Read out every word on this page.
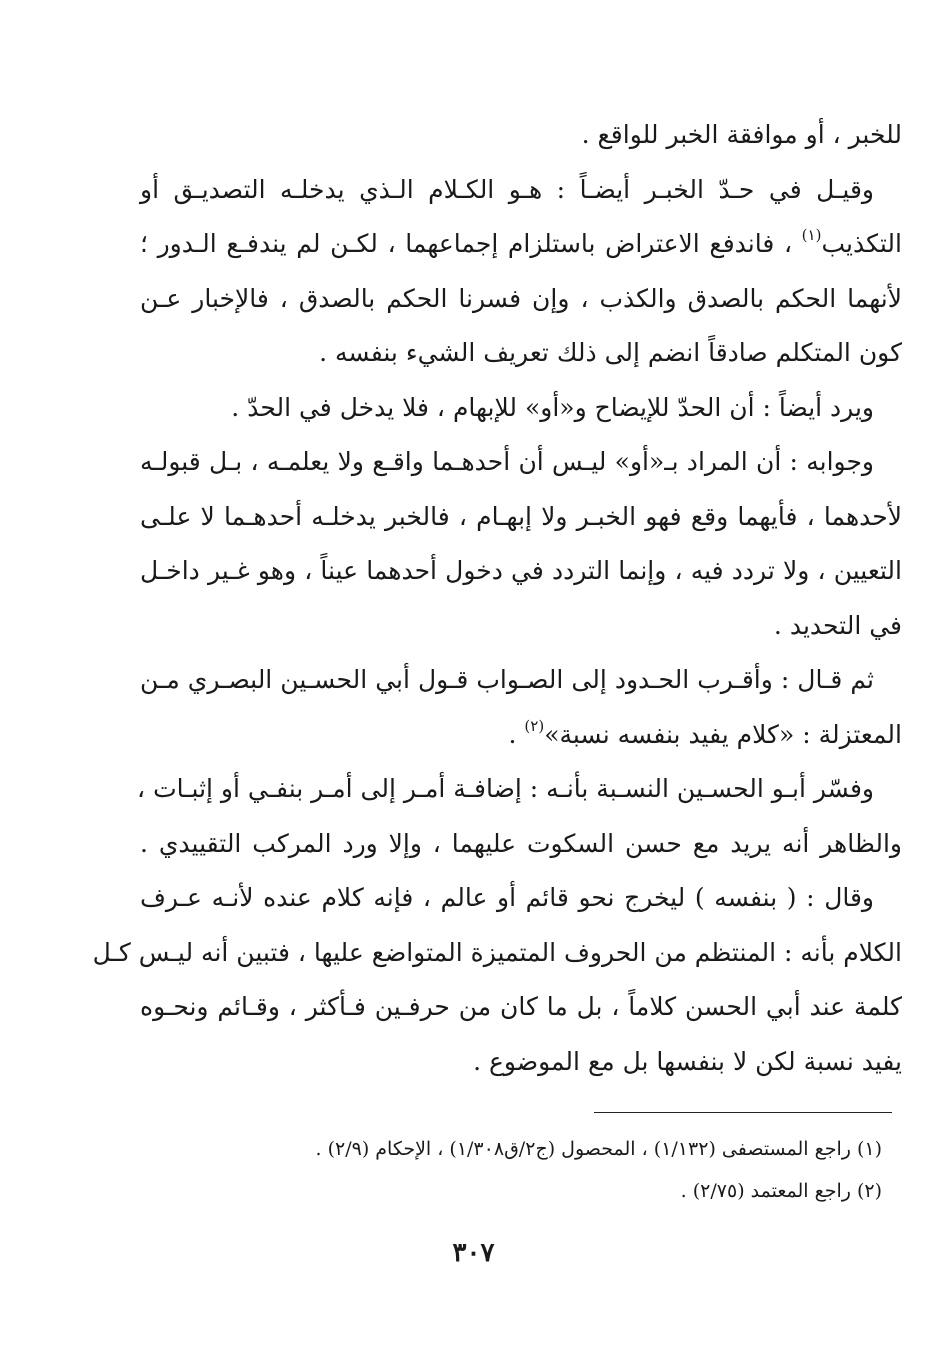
للخبر ، أو موافقة الخبر للواقع .
وقيـل في حـدّ الخبـر أيضـاً : هـو الكـلام الـذي يدخلـه التصديـق أو
التكذيب$^{(١)}$ ، فاندفع الاعتراض باستلزام إجماعهما ، لكـن لم يندفـع الـدور ؛
لأنهما الحكم بالصدق والكذب ، وإن فسرنا الحكم بالصدق ، فالإخبار عـن
كون المتكلم صادقاً انضم إلى ذلك تعريف الشيء بنفسه .
ويرد أيضاً : أن الحدّ للإيضاح و«أو» للإبهام ، فلا يدخل في الحدّ .
وجوابه : أن المراد بـ«أو» ليـس أن أحدهـما واقـع ولا يعلمـه ، بـل قبولـه
لأحدهما ، فأيهما وقع فهو الخبـر ولا إبهـام ، فالخبر يدخلـه أحدهـما لا علـى
التعيين ، ولا تردد فيه ، وإنما التردد في دخول أحدهما عيناً ، وهو غـير داخـل
في التحديد .
ثم قـال : وأقـرب الحـدود إلى الصـواب قـول أبي الحسـين البصـري مـن
المعتزلة : «كلام يفيد بنفسه نسبة»$^{(٢)}$ .
وفسّر أبـو الحسـين النسـبة بأنـه : إضافـة أمـر إلى أمـر بنفـي أو إثبـات ،
والظاهر أنه يريد مع حسن السكوت عليهما ، وإلا ورد المركب التقييدي .
وقال : ( بنفسه ) ليخرج نحو قائم أو عالم ، فإنه كلام عنده لأنـه عـرف
الكلام بأنه : المنتظم من الحروف المتميزة المتواضع عليها ، فتبين أنه ليـس كـل
كلمة عند أبي الحسن كلاماً ، بل ما كان من حرفـين فـأكثر ، وقـائم ونحـوه
يفيد نسبة لكن لا بنفسها بل مع الموضوع .
(١) راجع المستصفى (١/١٣٢) ، المحصول (ج٢/ق١/٣٠٨) ، الإحكام (٢/٩) .
(٢) راجع المعتمد (٢/٧٥) .
٣٠٧
